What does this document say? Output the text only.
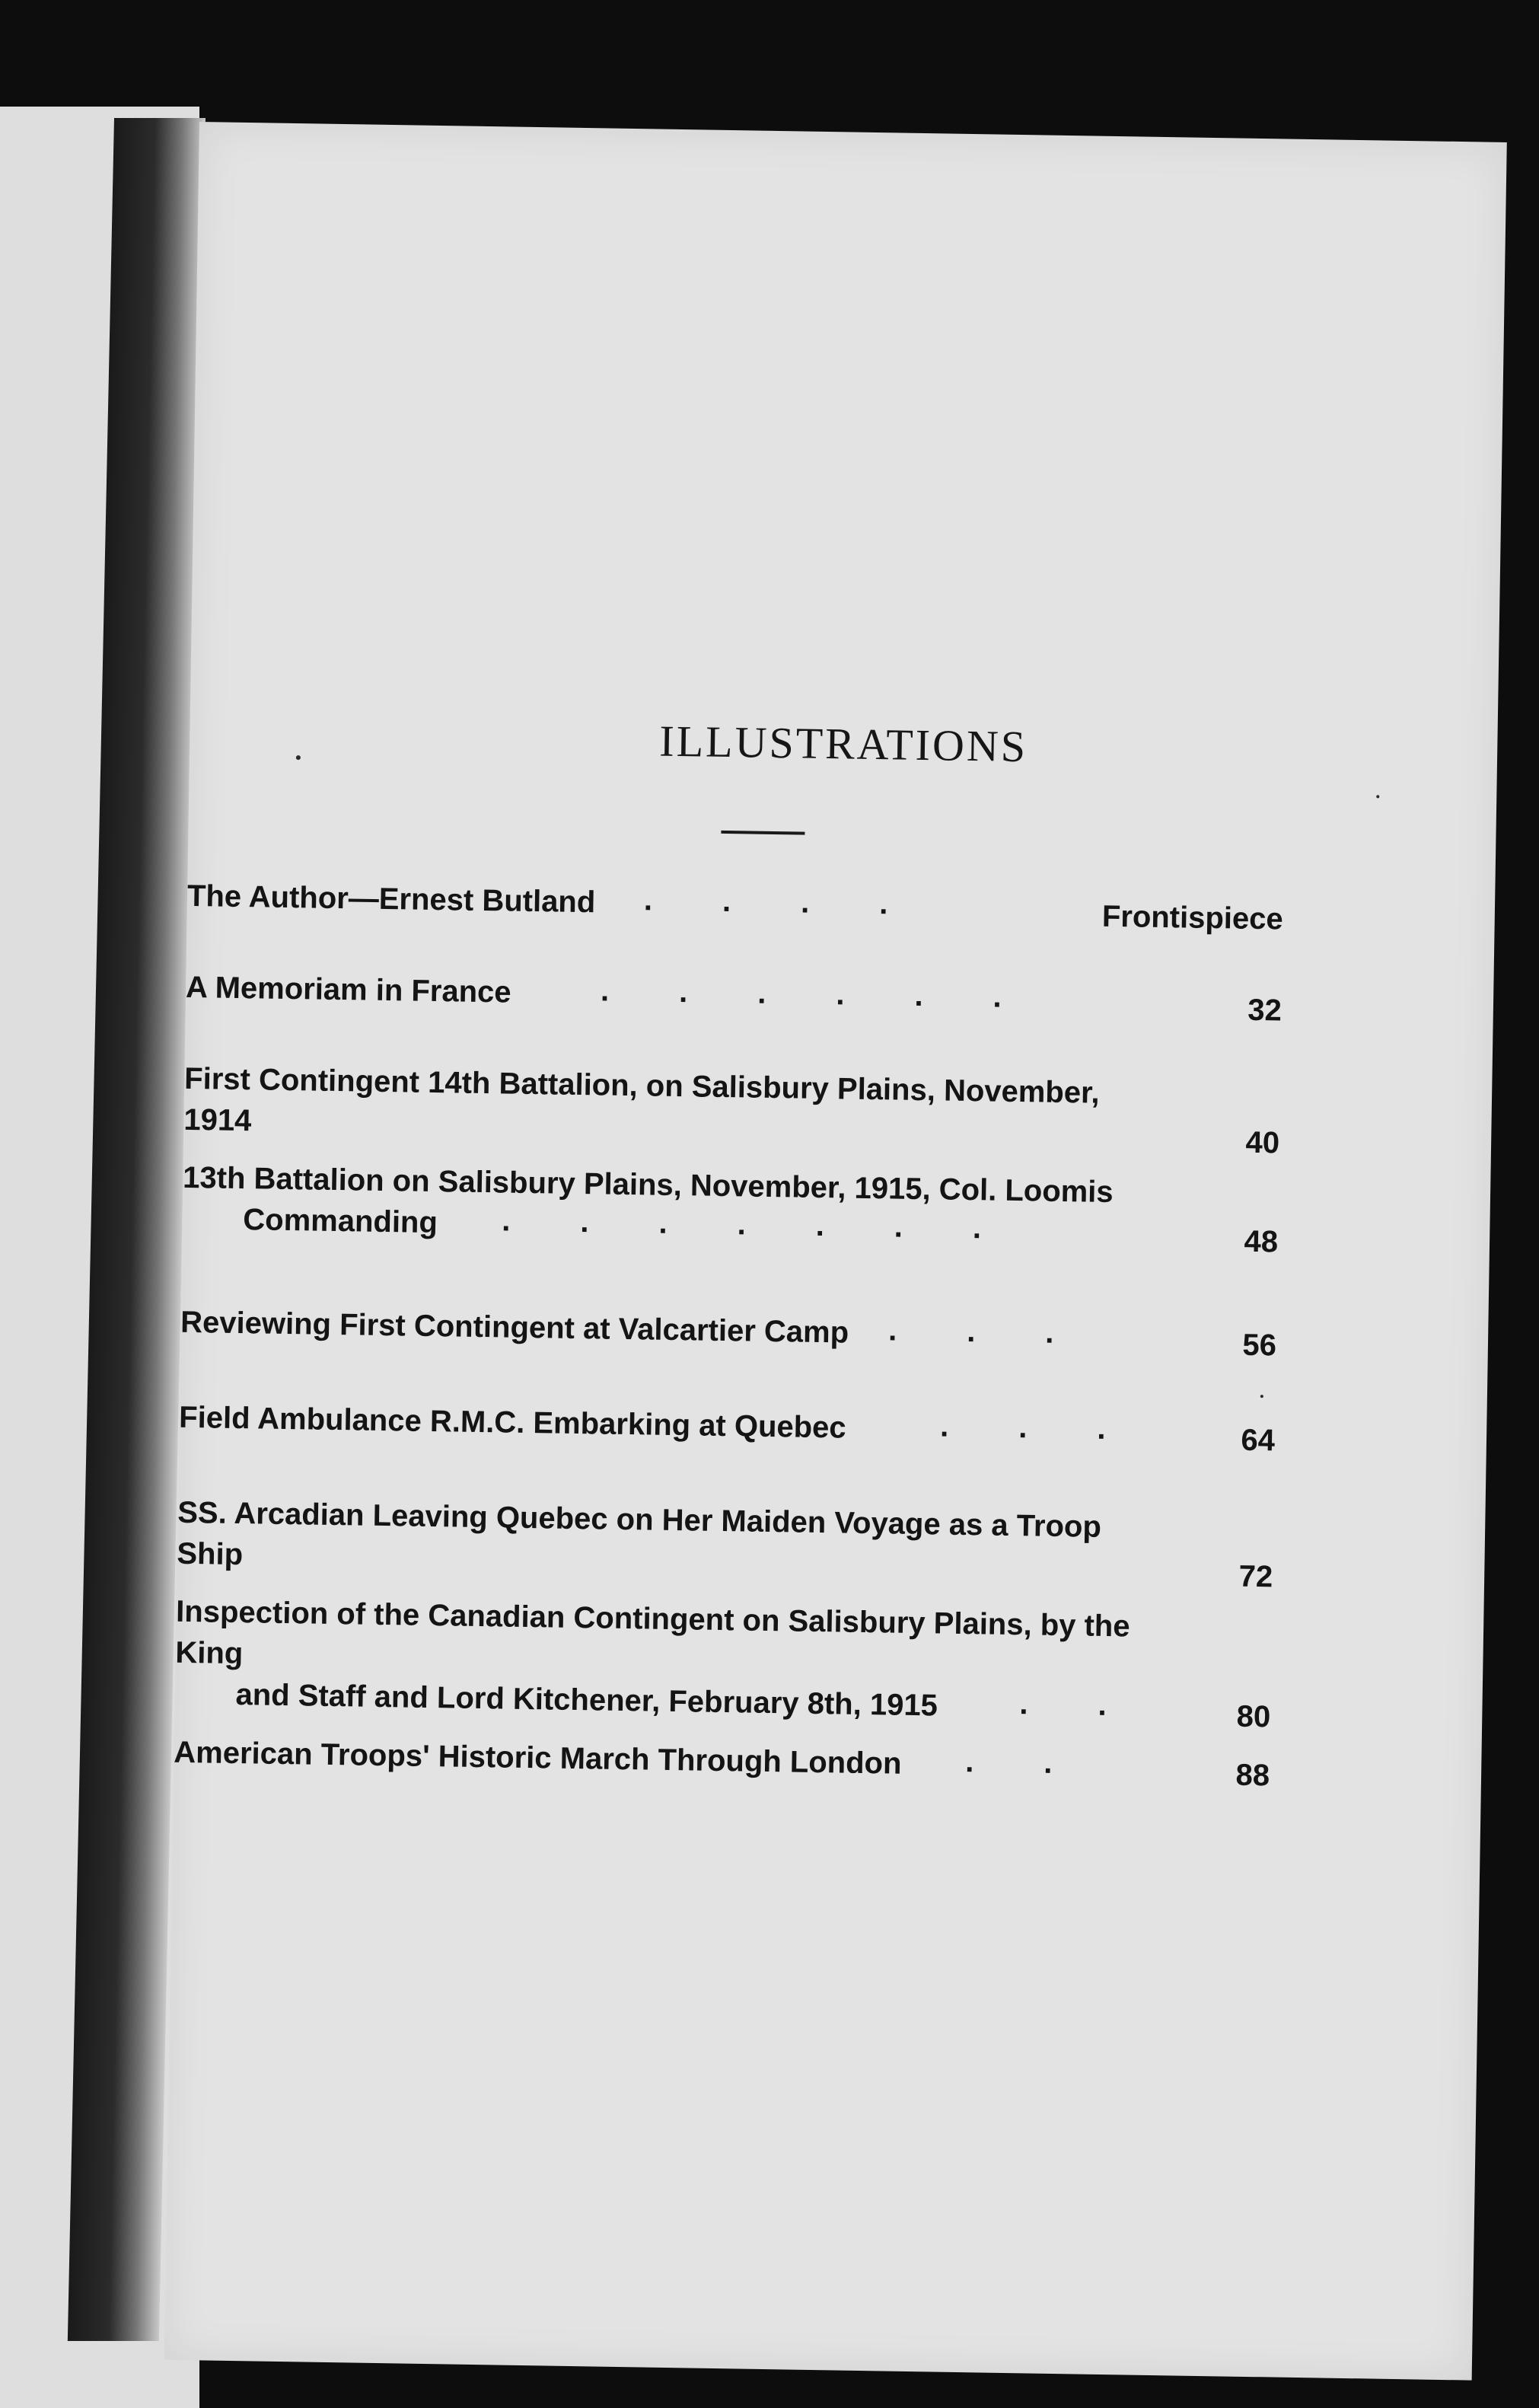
ILLUSTRATIONS
The Author—Ernest Butland	....	Frontispiece
A Memoriam in France	......	32
First Contingent 14th Battalion, on Salisbury Plains, November, 1914
40
13th Battalion on Salisbury Plains, November, 1915, Col. Loomis
Commanding	.......	48
Reviewing First Contingent at Valcartier Camp	...	56
Field Ambulance R.M.C. Embarking at Quebec	...	64
SS. Arcadian Leaving Quebec on Her Maiden Voyage as a Troop Ship
72
Inspection of the Canadian Contingent on Salisbury Plains, by the King
and Staff and Lord Kitchener, February 8th, 1915	..	80
American Troops' Historic March Through London	..	88
